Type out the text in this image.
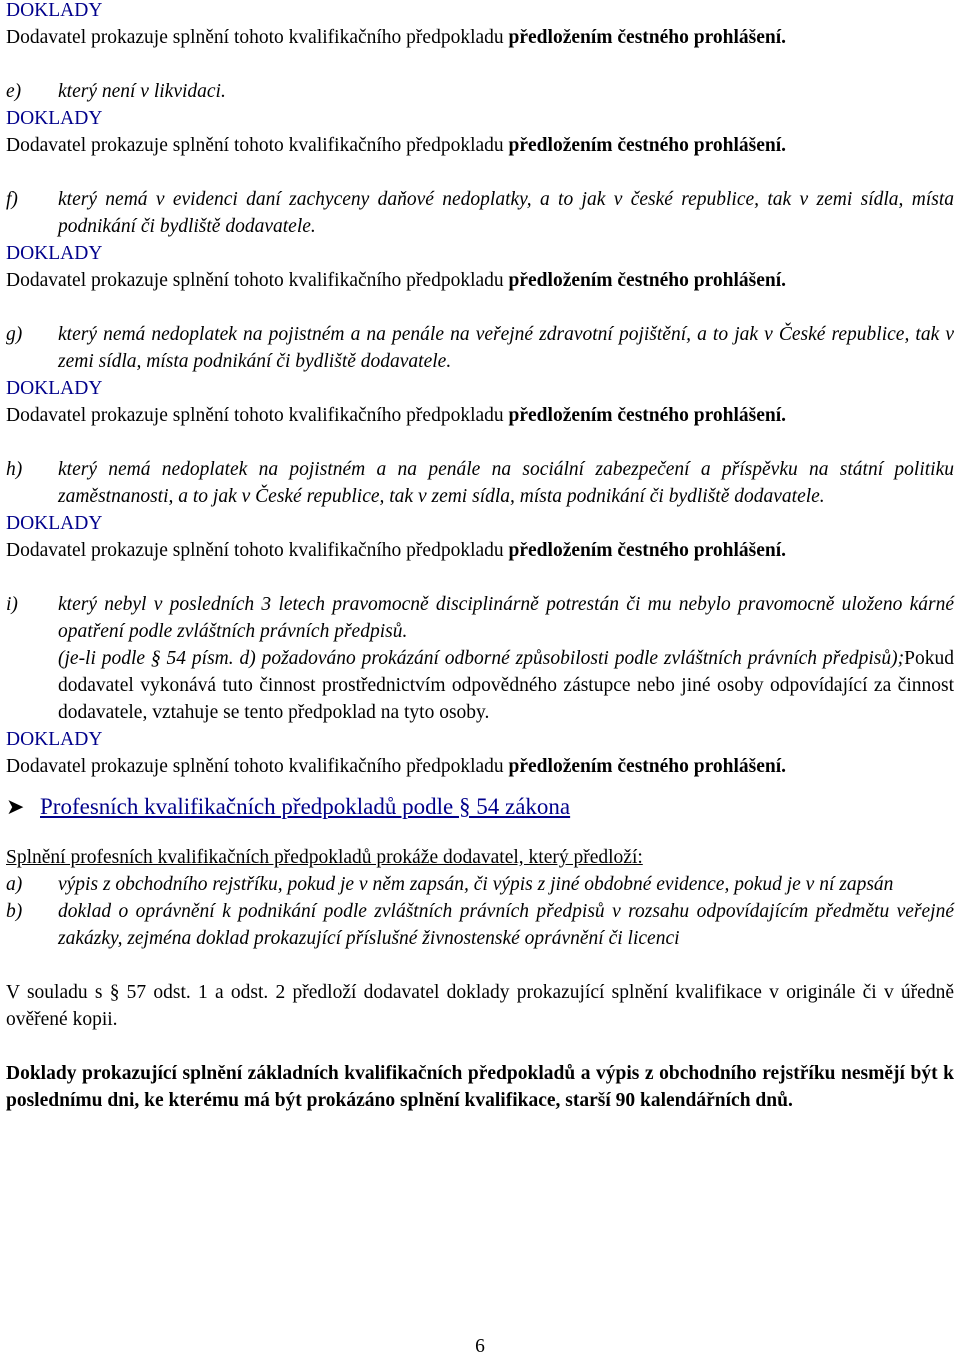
DOKLADY
Dodavatel prokazuje splnění tohoto kvalifikačního předpokladu předložením čestného prohlášení.
e)	který není v likvidaci.
DOKLADY
Dodavatel prokazuje splnění tohoto kvalifikačního předpokladu předložením čestného prohlášení.
f)	který nemá v evidenci daní zachyceny daňové nedoplatky, a to jak v české republice, tak v zemi sídla, místa podnikání či bydliště dodavatele.
DOKLADY
Dodavatel prokazuje splnění tohoto kvalifikačního předpokladu předložením čestného prohlášení.
g)	který nemá nedoplatek na pojistném a na penále na veřejné zdravotní pojištění, a to jak v České republice, tak v zemi sídla, místa podnikání či bydliště dodavatele.
DOKLADY
Dodavatel prokazuje splnění tohoto kvalifikačního předpokladu předložením čestného prohlášení.
h)	který nemá nedoplatek na pojistném a na penále na sociální zabezpečení a příspěvku na státní politiku zaměstnanosti, a to jak v České republice, tak v zemi sídla, místa podnikání či bydliště dodavatele.
DOKLADY
Dodavatel prokazuje splnění tohoto kvalifikačního předpokladu předložením čestného prohlášení.
i)	který nebyl v posledních 3 letech pravomocně disciplinárně potrestán či mu nebylo pravomocně uloženo kárné opatření podle zvláštních právních předpisů.
(je-li podle § 54 písm. d) požadováno prokázání odborné způsobilosti podle zvláštních právních předpisů);Pokud dodavatel vykonává tuto činnost prostřednictvím odpovědného zástupce nebo jiné osoby odpovídající za činnost dodavatele, vztahuje se tento předpoklad na tyto osoby.
DOKLADY
Dodavatel prokazuje splnění tohoto kvalifikačního předpokladu předložením čestného prohlášení.
➤ Profesních kvalifikačních předpokladů podle § 54 zákona
Splnění profesních kvalifikačních předpokladů prokáže dodavatel, který předloží:
a)	výpis z obchodního rejstříku, pokud je v něm zapsán, či výpis z jiné obdobné evidence, pokud je v ní zapsán
b)	doklad o oprávnění k podnikání podle zvláštních právních předpisů v rozsahu odpovídajícím předmětu veřejné zakázky, zejména doklad prokazující příslušné živnostenské oprávnění či licenci
V souladu s § 57 odst. 1 a odst. 2 předloží dodavatel doklady prokazující splnění kvalifikace v originále či v úředně ověřené kopii.
Doklady prokazující splnění základních kvalifikačních předpokladů a výpis z obchodního rejstříku nesmějí být k poslednímu dni, ke kterému má být prokázáno splnění kvalifikace, starší 90 kalendářních dnů.
6
